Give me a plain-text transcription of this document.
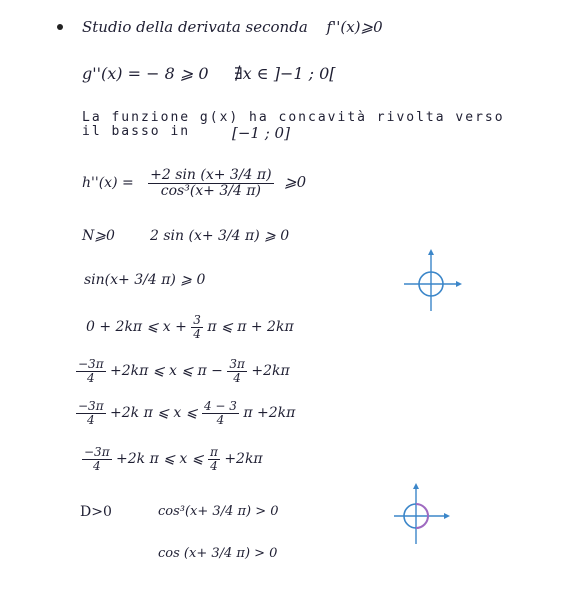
Studio della derivata seconda f''(x)⩾0
g''(x) = − 8 ⩾ 0 ∄x ∈ ]−1 ; 0[
La funzione g(x) ha concavità rivolta verso
il basso in	[−1 ; 0]
$h''(x) = \frac{+2 \sin (x+ 3/4 \pi)}{\text{cos³(x+ 3/4 π)}}$ ⩾0
N⩾0	2 sin (x+ 3/4 π) ⩾ 0
sin(x+ 3/4 π) ⩾ 0
0 + 2kπ ⩽ $x + \frac{3}{4}$ π ⩽ π + 2kπ
$\frac{-3\pi}{4} +2k\pi$ ⩽ x ⩽ $\pi - \frac{3\pi}{4} +2k\pi$
$\frac{-3\pi}{4} +2k$ π ⩽ x ⩽ $\frac{4 - 3}{4}$ π +2kπ
$\frac{-3\pi}{4} +2k$ π ⩽ x ⩽ $\frac{\pi}{4} +2k\pi$
D>0	cos³(x+ 3/4 π) > 0
cos (x+ 3/4 π) > 0
